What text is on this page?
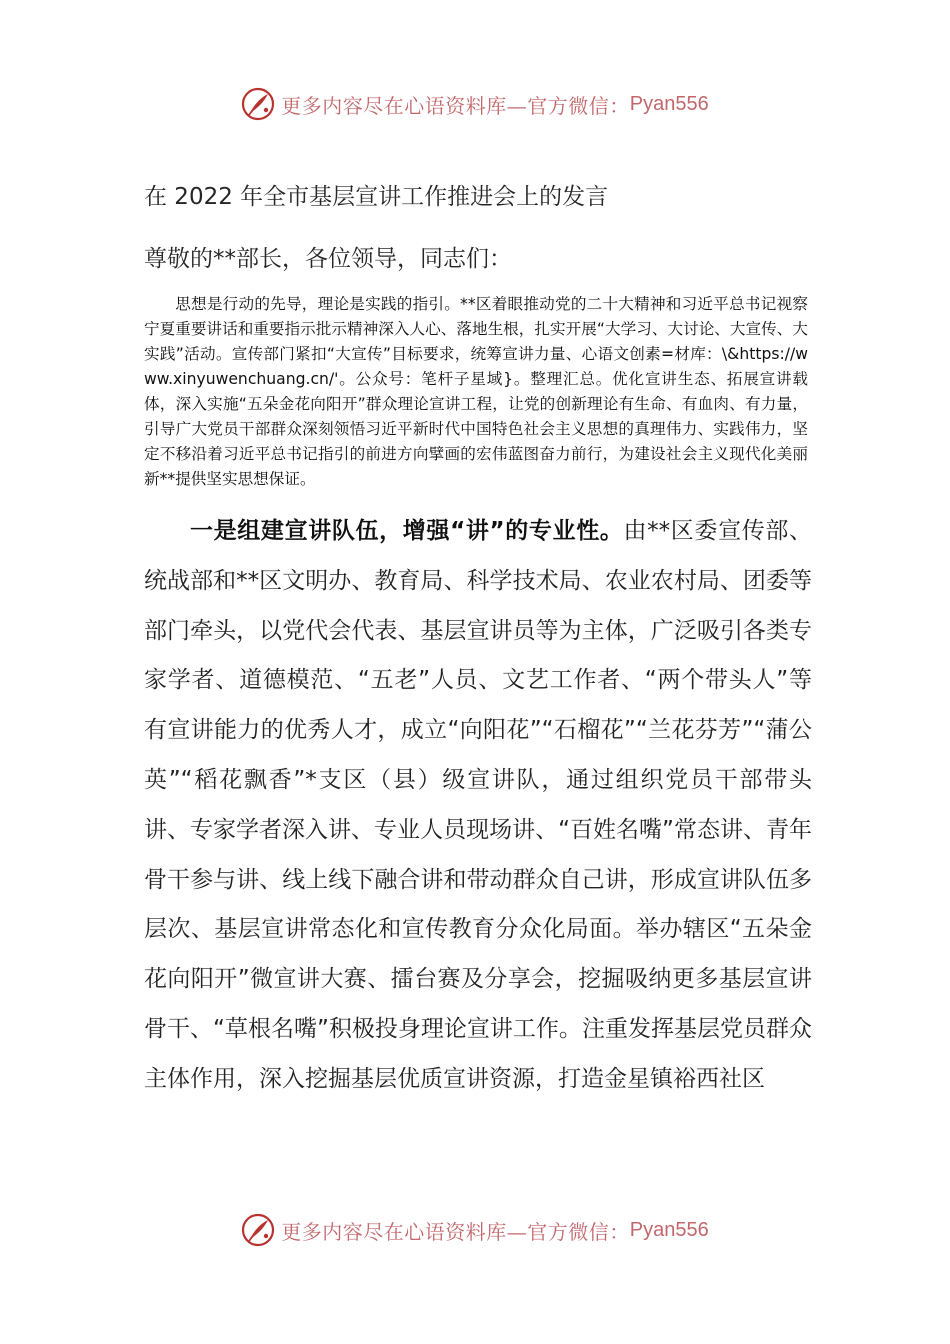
更多内容尽在心语资料库—官方微信： Pyan556
在 2022 年全市基层宣讲工作推进会上的发言
尊敬的**部长，各位领导，同志们：

思想是行动的先导，理论是实践的指引。**区着眼推动党的二十大精神和习近平总书记视察宁夏重要讲话和重要指示批示精神深入人心、落地生根，扎实开展“大学习、大讨论、大宣传、大实践”活动。宣传部门紧扣“大宣传”目标要求，统筹宣讲力量、心语文创素=材库：\&https://www.xinyuwenchuang.cn/'。公众号：笔杆子星域}。整理汇总。优化宣讲生态、拓展宣讲载体，深入实施“五朵金花向阳开”群众理论宣讲工程，让党的创新理论有生命、有血肉、有力量，引导广大党员干部群众深刻领悟习近平新时代中国特色社会主义思想的真理伟力、实践伟力，坚定不移沿着习近平总书记指引的前进方向擘画的宏伟蓝图奋力前行，为建设社会主义现代化美丽新**提供坚实思想保证。

一是组建宣讲队伍，增强“讲”的专业性。由**区委宣传部、统战部和**区文明办、教育局、科学技术局、农业农村局、团委等部门牵头，以党代会代表、基层宣讲员等为主体，广泛吸引各类专家学者、道德模范、“五老”人员、文艺工作者、“两个带头人”等有宣讲能力的优秀人才，成立“向阳花”“石榴花”“兰花芬芳”“蒲公英”“稻花飘香”*支区（县）级宣讲队，通过组织党员干部带头讲、专家学者深入讲、专业人员现场讲、“百姓名嘴”常态讲、青年骨干参与讲、线上线下融合讲和带动群众自己讲，形成宣讲队伍多层次、基层宣讲常态化和宣传教育分众化局面。举办辖区“五朵金花向阳开”微宣讲大赛、擂台赛及分享会，挖掘吸纳更多基层宣讲骨干、“草根名嘴”积极投身理论宣讲工作。注重发挥基层党员群众主体作用，深入挖掘基层优质宣讲资源，打造金星镇裕西社区

更多内容尽在心语资料库—官方微信： Pyan556
